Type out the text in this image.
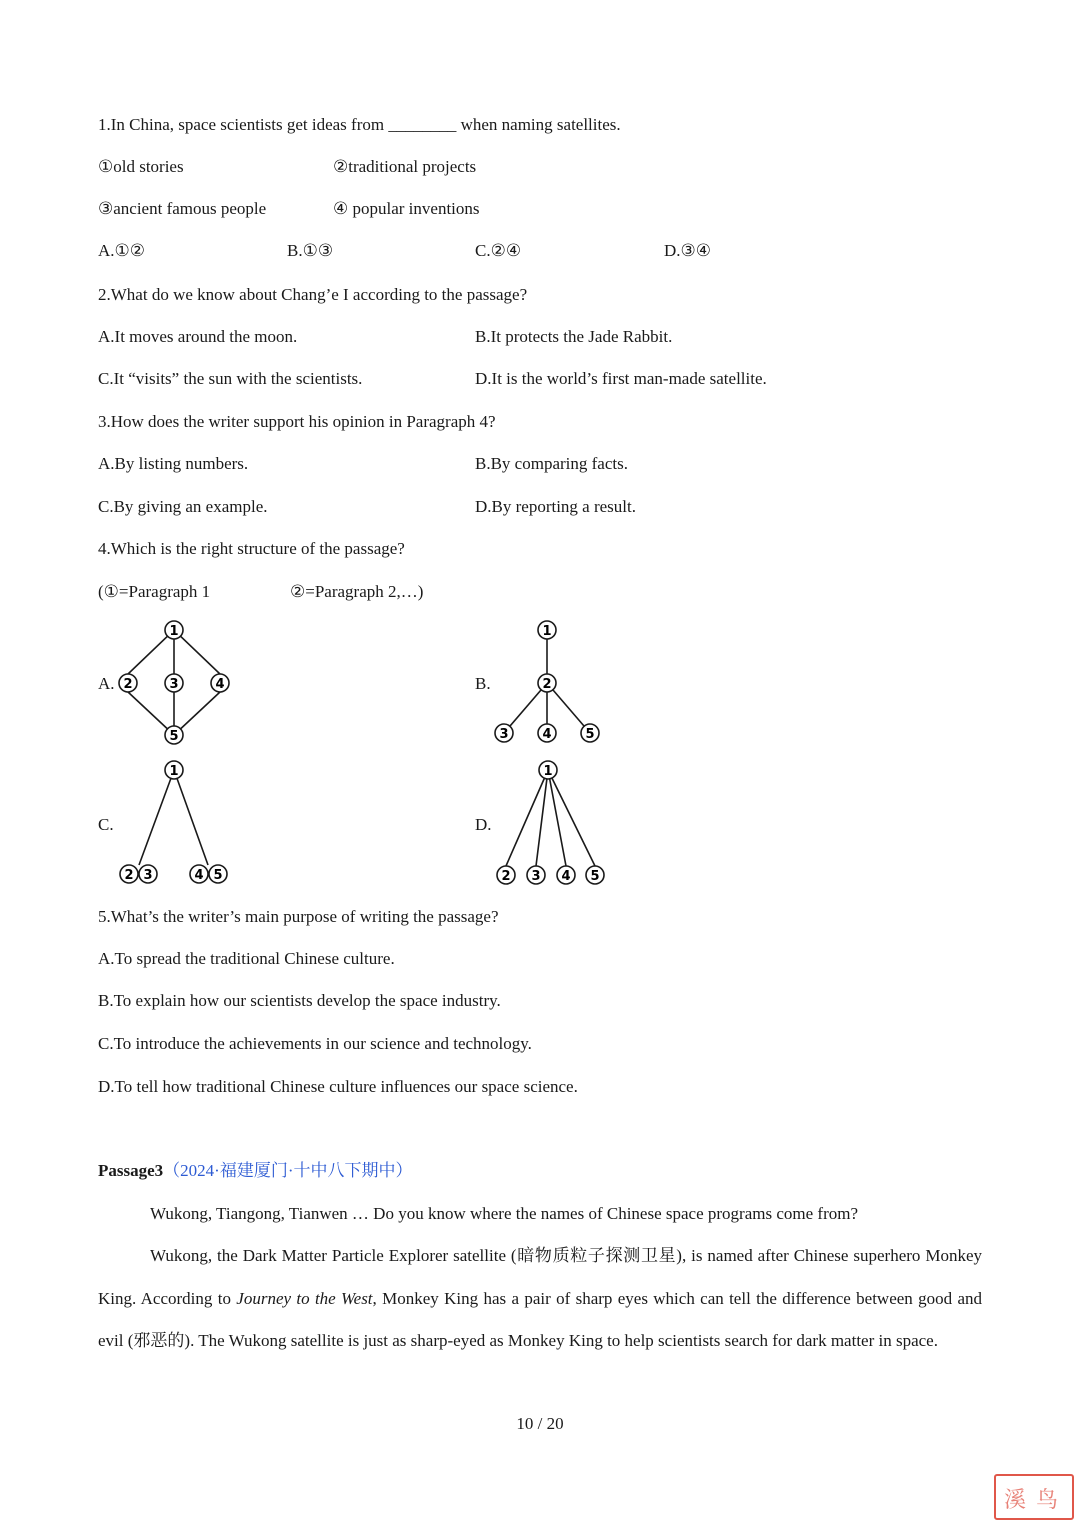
1.In China, space scientists get ideas from ________ when naming satellites.
①old stories	②traditional projects
③ancient famous people	④ popular inventions
A.①②	B.①③	C.②④	D.③④
2.What do we know about Chang’e I according to the passage?
A.It moves around the moon.	B.It protects the Jade Rabbit.
C.It “visits” the sun with the scientists.	D.It is the world’s first man-made satellite.
3.How does the writer support his opinion in Paragraph 4?
A.By listing numbers.	B.By comparing facts.
C.By giving an example.	D.By reporting a result.
4.Which is the right structure of the passage?
(①=Paragraph 1	②=Paragraph 2,…)
A.	B.
C.	D.
1
2	3	4
5
1
2
3	4	5
1
2 3	4 5
1
2 3 4 5
5.What’s the writer’s main purpose of writing the passage?
A.To spread the traditional Chinese culture.
B.To explain how our scientists develop the space industry.
C.To introduce the achievements in our science and technology.
D.To tell how traditional Chinese culture influences our space science.
Passage3（2024·福建厦门·十中八下期中）
Wukong, Tiangong, Tianwen … Do you know where the names of Chinese space programs come from?
Wukong, the Dark Matter Particle Explorer satellite (暗物质粒子探测卫星), is named after Chinese superhero Monkey King. According to Journey to the West, Monkey King has a pair of sharp eyes which can tell the difference between good and evil (邪恶的). The Wukong satellite is just as sharp-eyed as Monkey King to help scientists search for dark matter in space.
10 / 20
溪 鸟
